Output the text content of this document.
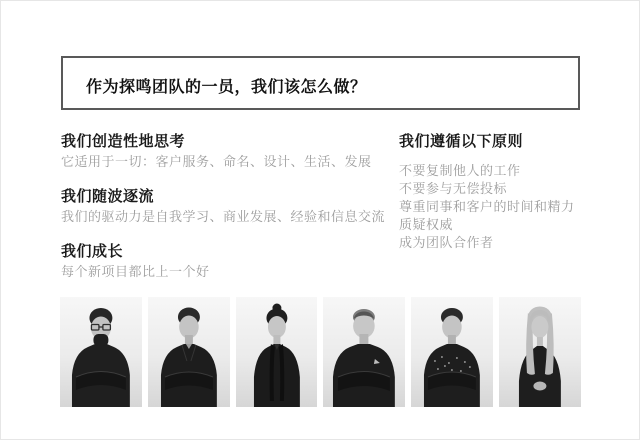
作为探鸣团队的一员，我们该怎么做？
我们创造性地思考

它适用于一切：客户服务、命名、设计、生活、发展

我们随波逐流

我们的驱动力是自我学习、商业发展、经验和信息交流

我们成长

每个新项目都比上一个好

我们遵循以下原则
不要复制他人的工作
不要参与无偿投标
尊重同事和客户的时间和精力
质疑权威
成为团队合作者
